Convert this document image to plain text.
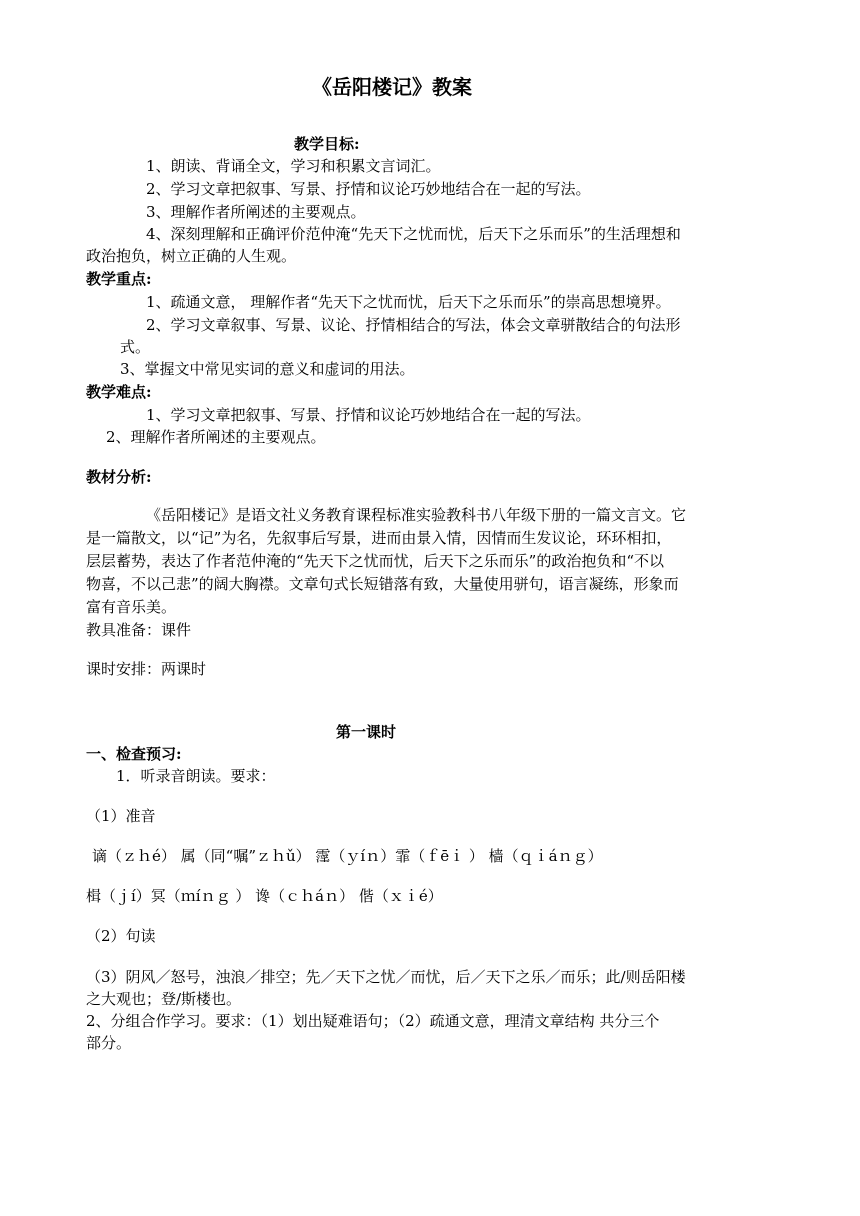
《岳阳楼记》教案
教学目标:
1、朗读、背诵全文，学习和积累文言词汇。
2、学习文章把叙事、写景、抒情和议论巧妙地结合在一起的写法。
3、理解作者所阐述的主要观点。
4、深刻理解和正确评价范仲淹“先天下之忧而忧，后天下之乐而乐”的生活理想和
政治抱负，树立正确的人生观。
教学重点:
1、疏通文意， 理解作者“先天下之忧而忧，后天下之乐而乐”的崇高思想境界。
2、学习文章叙事、写景、议论、抒情相结合的写法，体会文章骈散结合的句法形
式。
3、掌握文中常见实词的意义和虚词的用法。
教学难点:
1、学习文章把叙事、写景、抒情和议论巧妙地结合在一起的写法。
2、理解作者所阐述的主要观点。
教材分析:
《岳阳楼记》是语文社义务教育课程标准实验教科书八年级下册的一篇文言文。它
是一篇散文，以“记”为名，先叙事后写景，进而由景入情，因情而生发议论，环环相扣，
层层蓄势，表达了作者范仲淹的“先天下之忧而忧，后天下之乐而乐”的政治抱负和“不以
物喜，不以己悲”的阔大胸襟。文章句式长短错落有致，大量使用骈句，语言凝练，形象而
富有音乐美。
教具准备：课件
课时安排：两课时
第一课时
一、检查预习:
1．听录音朗读。要求：
（1）准音
谪（ｚｈé） 属（同“嘱”ｚｈǔ） 霪（ｙíｎ）霏（ｆēｉ ） 樯（ｑｉáｎｇ）
楫（ｊí）冥（ｍíｎｇ ） 谗（ｃｈáｎ） 偕（ｘｉé）
（2）句读
（3）阴风／怒号，浊浪／排空；先／天下之忧／而忧，后／天下之乐／而乐；此/则岳阳楼
之大观也；登/斯楼也。
2、分组合作学习。要求：（1）划出疑难语句；（2）疏通文意，理清文章结构 共分三个
部分。
